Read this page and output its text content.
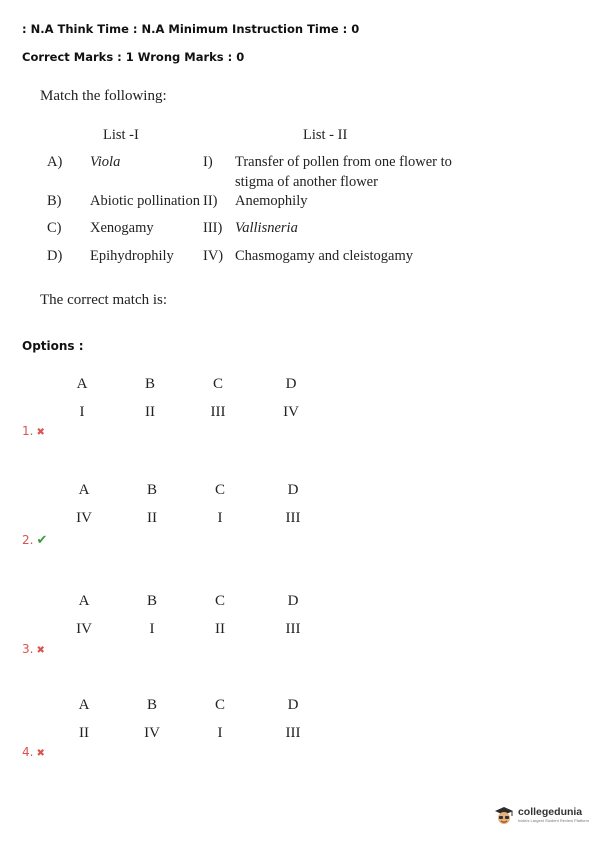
: N.A Think Time : N.A Minimum Instruction Time : 0
Correct Marks : 1 Wrong Marks : 0
Match the following:
List -I	List - II
A) Viola	I) Transfer of pollen from one flower to
stigma of another flower
B) Abiotic pollination II) Anemophily
C) Xenogamy	III) Vallisneria
D) Epihydrophily IV) Chasmogamy and cleistogamy
The correct match is:
Options :
A	B	C	D
I	II	III	IV
1. ✖
A	B	C	D
IV	II	I	III
2. ✔
A	B	C	D
IV	I	II	III
3. ✖
A	B	C	D
II	IV	I	III
4. ✖
collegedunia
India's Largest Student Review Platform
